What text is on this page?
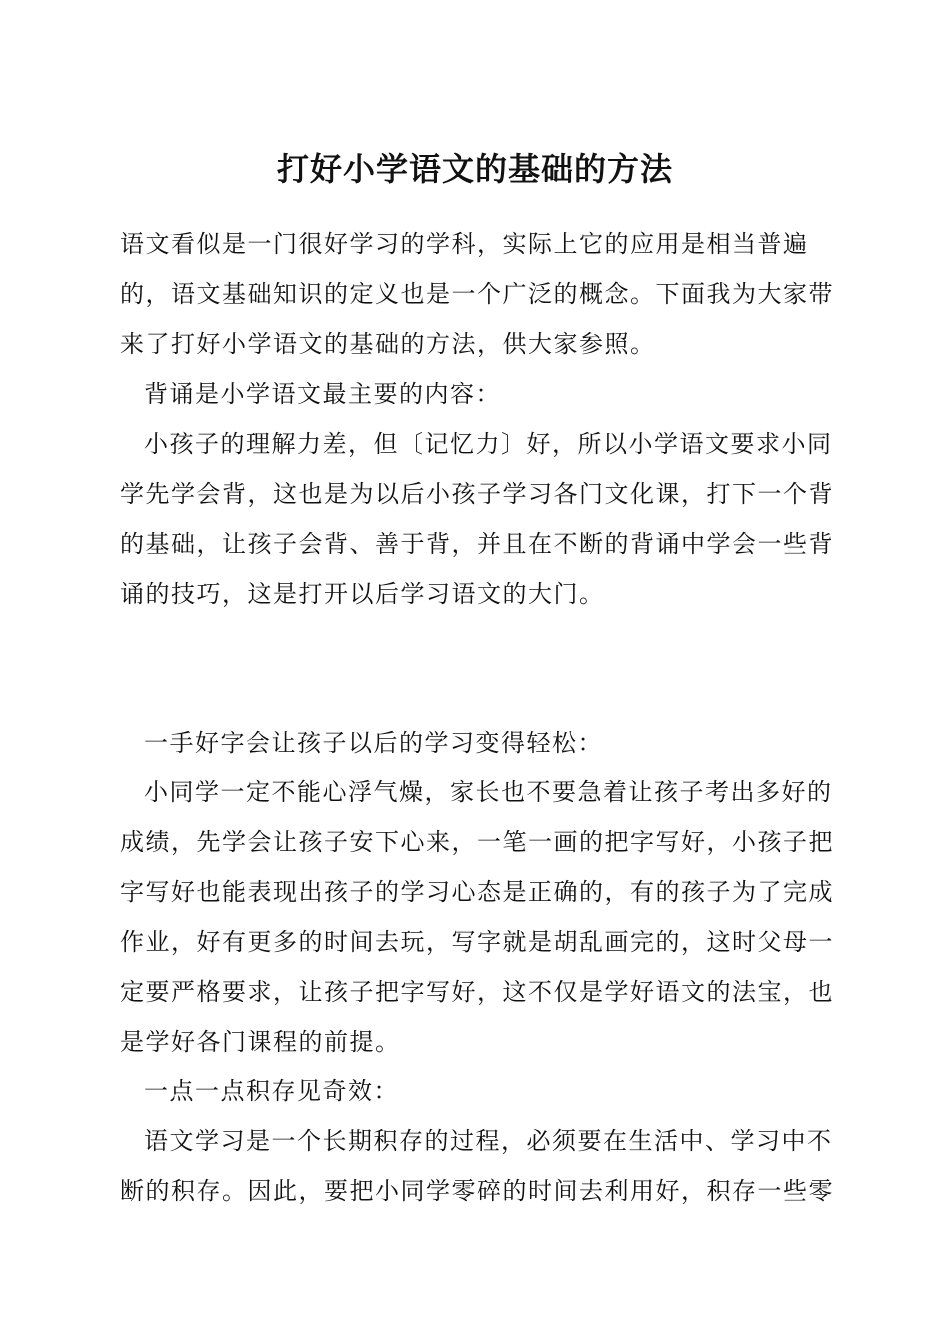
打好小学语文的基础的方法
语文看似是一门很好学习的学科，实际上它的应用是相当普遍的，语文基础知识的定义也是一个广泛的概念。下面我为大家带来了打好小学语文的基础的方法，供大家参照。
背诵是小学语文最主要的内容：
小孩子的理解力差，但〔记忆力〕好，所以小学语文要求小同学先学会背，这也是为以后小孩子学习各门文化课，打下一个背的基础，让孩子会背、善于背，并且在不断的背诵中学会一些背诵的技巧，这是打开以后学习语文的大门。
一手好字会让孩子以后的学习变得轻松：
小同学一定不能心浮气燥，家长也不要急着让孩子考出多好的成绩，先学会让孩子安下心来，一笔一画的把字写好，小孩子把字写好也能表现出孩子的学习心态是正确的，有的孩子为了完成作业，好有更多的时间去玩，写字就是胡乱画完的，这时父母一定要严格要求，让孩子把字写好，这不仅是学好语文的法宝，也是学好各门课程的前提。
一点一点积存见奇效：
语文学习是一个长期积存的过程，必须要在生活中、学习中不断的积存。因此，要把小同学零碎的时间去利用好，积存一些零
